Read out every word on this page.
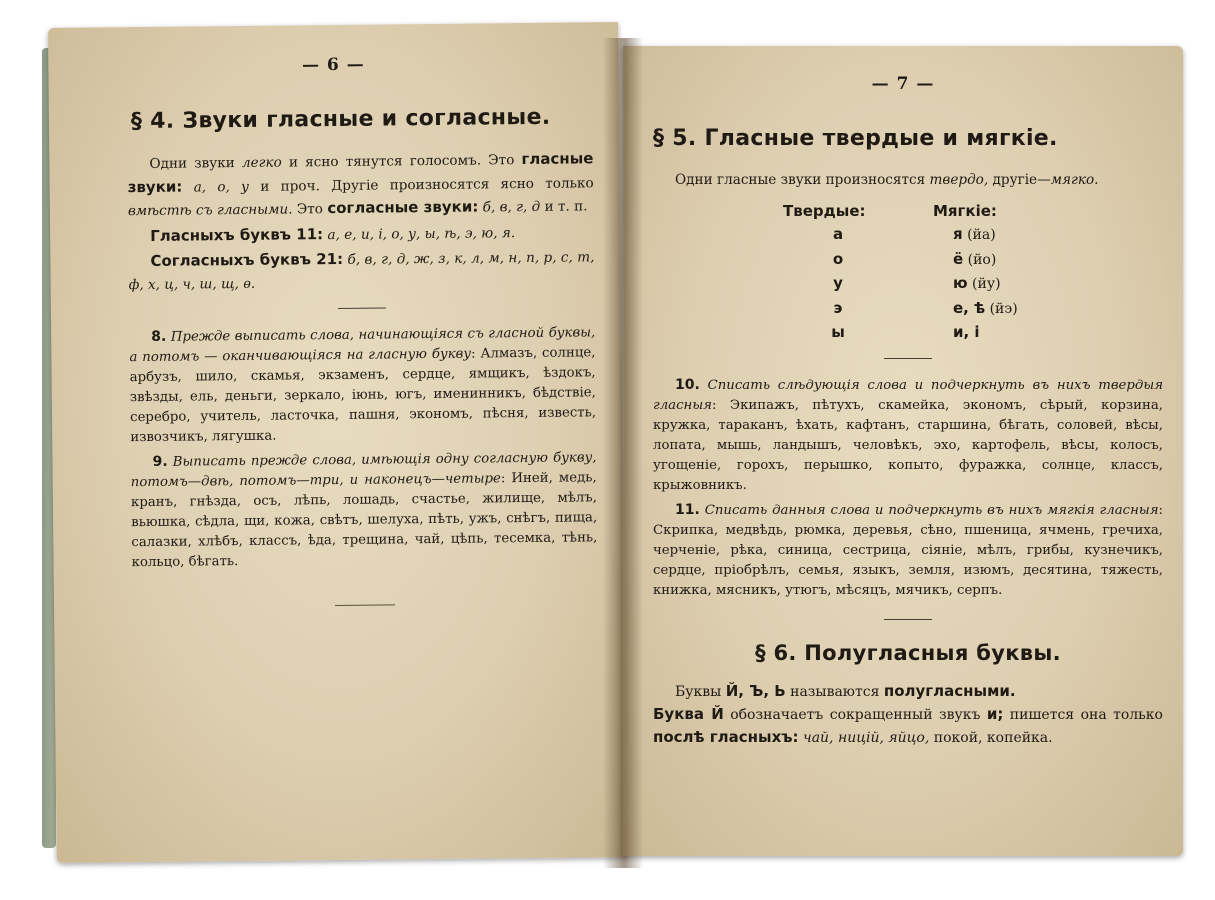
— 6 —
§ 4. Звуки гласные и согласные.

Одни звуки легко и ясно тянутся голосомъ. Это гласные звуки: а, о, у и проч. Другіе произносятся ясно только вмѣстѣ съ гласными. Это согласные звуки: б, в, г, д и т. п.

Гласныхъ буквъ 11: а, е, и, і, о, у, ы, ѣ, э, ю, я.

Согласныхъ буквъ 21: б, в, г, д, ж, з, к, л, м, н, п, р, с, т, ф, х, ц, ч, ш, щ, ѳ.

8. Прежде выписать слова, начинающіяся съ гласной буквы, а потомъ — оканчивающіяся на гласную букву: Алмазъ, солнце, арбузъ, шило, скамья, экзаменъ, сердце, ямщикъ, ѣздокъ, звѣзды, ель, деньги, зеркало, іюнь, югъ, именинникъ, бѣдствіе, серебро, учитель, ласточка, пашня, экономъ, пѣсня, известь, извозчикъ, лягушка.

9. Выписать прежде слова, имѣющія одну согласную букву, потомъ—двѣ, потомъ—три, и наконецъ—четыре: Иней, медь, кранъ, гнѣзда, осъ, лѣпь, лошадь, счастье, жилище, мѣлъ, вьюшка, сѣдла, щи, кожа, свѣтъ, шелуха, пѣть, ужъ, снѣгъ, пища, салазки, хлѣбъ, классъ, ѣда, трещина, чай, цѣпь, тесемка, тѣнь, кольцо, бѣгать.

— 7 —
§ 5. Гласные твердые и мягкіе.

Одни гласные звуки произносятся твердо, другіе—мягко.

Твердые:	Мягкіе:
а	я (йа)
о	ё (йо)
у	ю (йу)
э	е, ѣ (йэ)
ы	и, і

10. Списать слѣдующія слова и подчеркнуть въ нихъ твердыя гласныя: Экипажъ, пѣтухъ, скамейка, экономъ, сѣрый, корзина, кружка, тараканъ, ѣхать, кафтанъ, старшина, бѣгать, соловей, вѣсы, лопата, мышь, ландышъ, человѣкъ, эхо, картофель, вѣсы, колосъ, угощеніе, горохъ, перышко, копыто, фуражка, солнце, классъ, крыжовникъ.

11. Списать данныя слова и подчеркнуть въ нихъ мягкія гласныя: Скрипка, медвѣдь, рюмка, деревья, сѣно, пшеница, ячмень, гречиха, черченіе, рѣка, синица, сестрица, сіяніе, мѣлъ, грибы, кузнечикъ, сердце, пріобрѣлъ, семья, языкъ, земля, изюмъ, десятина, тяжесть, книжка, мясникъ, утюгъ, мѣсяцъ, мячикъ, серпъ.

§ 6. Полугласныя буквы.

Буквы Й, Ъ, Ь называются полугласными.
Буква Й обозначаетъ сокращенный звукъ и; пишется она только послѣ гласныхъ: чай, ницій, яйцо, покой, копейка.
